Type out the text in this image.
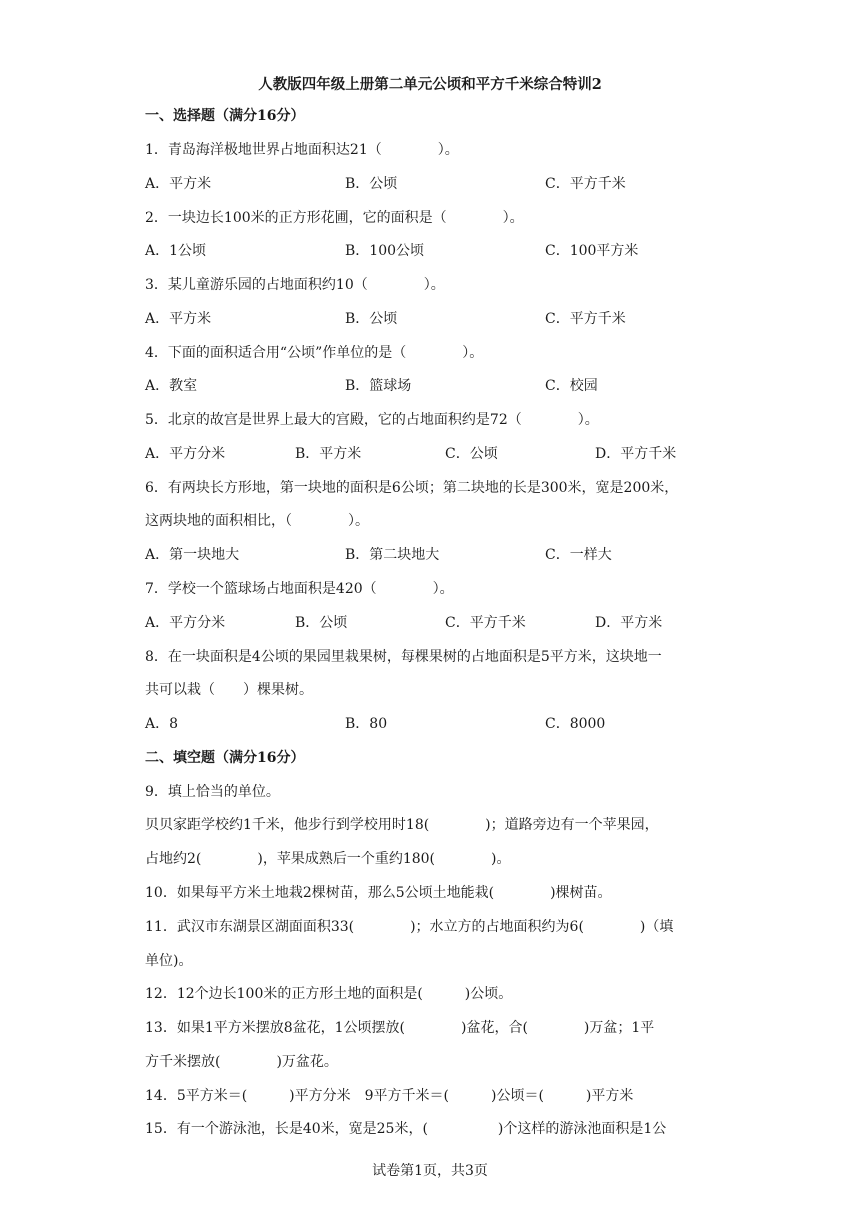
人教版四年级上册第二单元公顷和平方千米综合特训2
一、选择题（满分16分）
1．青岛海洋极地世界占地面积达21（　　　　）。
A．平方米	B．公顷	C．平方千米
2．一块边长100米的正方形花圃，它的面积是（　　　　）。
A．1公顷	B．100公顷	C．100平方米
3．某儿童游乐园的占地面积约10（　　　　）。
A．平方米	B．公顷	C．平方千米
4．下面的面积适合用“公顷”作单位的是（　　　　）。
A．教室	B．篮球场	C．校园
5．北京的故宫是世界上最大的宫殿，它的占地面积约是72（　　　　）。
A．平方分米	B．平方米	C．公顷	D．平方千米
6．有两块长方形地，第一块地的面积是6公顷；第二块地的长是300米，宽是200米，
这两块地的面积相比，（　　　　）。
A．第一块地大	B．第二块地大	C．一样大
7．学校一个篮球场占地面积是420（　　　　）。
A．平方分米	B．公顷	C．平方千米	D．平方米
8．在一块面积是4公顷的果园里栽果树，每棵果树的占地面积是5平方米，这块地一
共可以栽（　　）棵果树。
A．8	B．80	C．8000
二、填空题（满分16分）
9．填上恰当的单位。
贝贝家距学校约1千米，他步行到学校用时18(　　　　)；道路旁边有一个苹果园，
占地约2(　　　　)，苹果成熟后一个重约180(　　　　)。
10．如果每平方米土地栽2棵树苗，那么5公顷土地能栽(　　　　)棵树苗。
11．武汉市东湖景区湖面面积33(　　　　)；水立方的占地面积约为6(　　　　)（填
单位)。
12．12个边长100米的正方形土地的面积是(　　　)公顷。
13．如果1平方米摆放8盆花，1公顷摆放(　　　　)盆花，合(　　　　)万盆；1平
方千米摆放(　　　　)万盆花。
14．5平方米＝(　　　)平方分米　9平方千米＝(　　　)公顷＝(　　　)平方米
15．有一个游泳池，长是40米，宽是25米，(　　　　　)个这样的游泳池面积是1公
试卷第1页，共3页
